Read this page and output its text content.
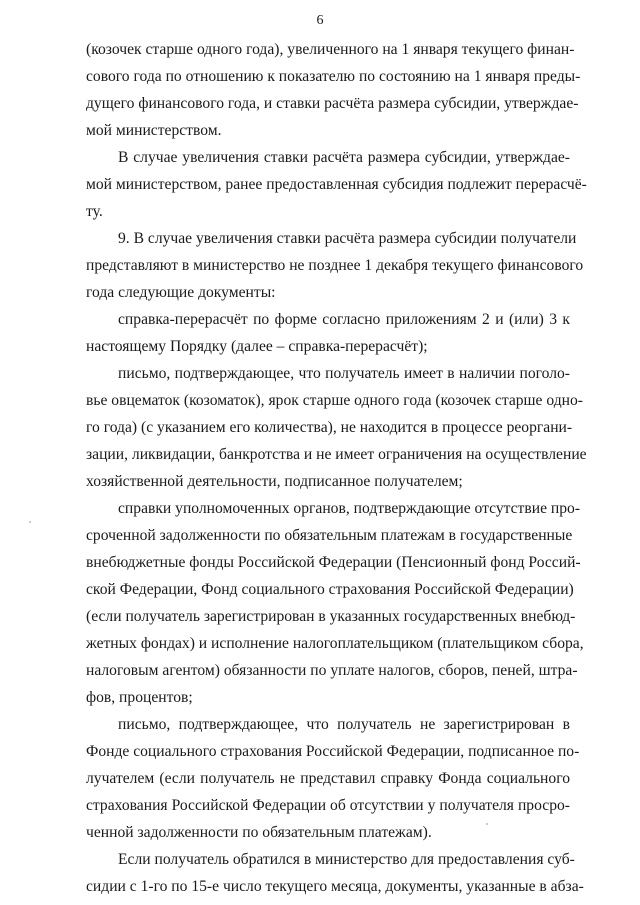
6
(козочек старше одного года), увеличенного на 1 января текущего финан-
сового года по отношению к показателю по состоянию на 1 января преды-
дущего финансового года, и ставки расчёта размера субсидии, утверждае-
мой министерством.
В случае увеличения ставки расчёта размера субсидии, утверждае-
мой министерством, ранее предоставленная субсидия подлежит перерасчё-
ту.
9. В случае увеличения ставки расчёта размера субсидии получатели
представляют в министерство не позднее 1 декабря текущего финансового
года следующие документы:
справка-перерасчёт по форме согласно приложениям 2 и (или) 3 к
настоящему Порядку (далее – справка-перерасчёт);
письмо, подтверждающее, что получатель имеет в наличии поголо-
вье овцематок (козоматок), ярок старше одного года (козочек старше одно-
го года) (с указанием его количества), не находится в процессе реоргани-
зации, ликвидации, банкротства и не имеет ограничения на осуществление
хозяйственной деятельности, подписанное получателем;
справки уполномоченных органов, подтверждающие отсутствие про-
сроченной задолженности по обязательным платежам в государственные
внебюджетные фонды Российской Федерации (Пенсионный фонд Россий-
ской Федерации, Фонд социального страхования Российской Федерации)
(если получатель зарегистрирован в указанных государственных внебюд-
жетных фондах) и исполнение налогоплательщиком (плательщиком сбора,
налоговым агентом) обязанности по уплате налогов, сборов, пеней, штра-
фов, процентов;
письмо, подтверждающее, что получатель не зарегистрирован в
Фонде социального страхования Российской Федерации, подписанное по-
лучателем (если получатель не представил справку Фонда социального
страхования Российской Федерации об отсутствии у получателя просро-
ченной задолженности по обязательным платежам).
Если получатель обратился в министерство для предоставления суб-
сидии с 1-го по 15-е число текущего месяца, документы, указанные в абза-
